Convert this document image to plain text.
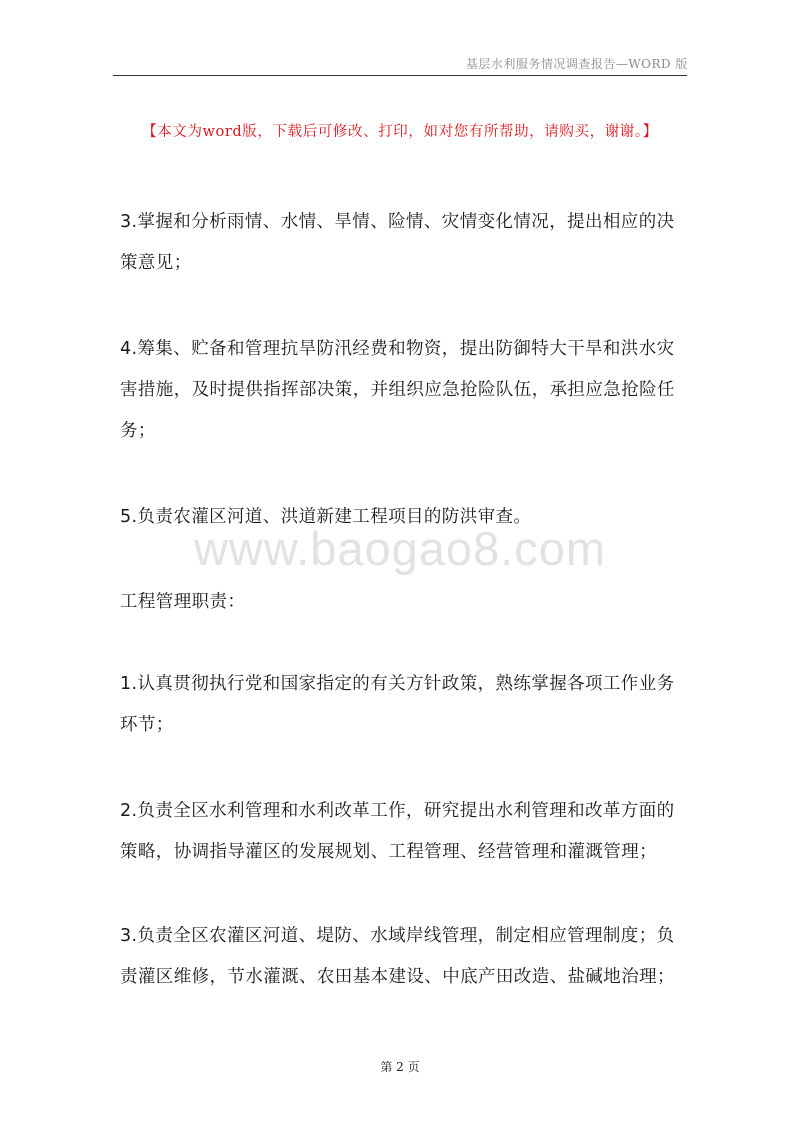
基层水利服务情况调查报告—WORD 版
【本文为word版，下载后可修改、打印，如对您有所帮助，请购买，谢谢。】
3.掌握和分析雨情、水情、旱情、险情、灾情变化情况，提出相应的决策意见；
4.筹集、贮备和管理抗旱防汛经费和物资，提出防御特大干旱和洪水灾害措施，及时提供指挥部决策，并组织应急抢险队伍，承担应急抢险任务；
5.负责农灌区河道、洪道新建工程项目的防洪审查。
www.baogao8.com
工程管理职责：
1.认真贯彻执行党和国家指定的有关方针政策，熟练掌握各项工作业务环节；
2.负责全区水利管理和水利改革工作，研究提出水利管理和改革方面的策略，协调指导灌区的发展规划、工程管理、经营管理和灌溉管理；
3.负责全区农灌区河道、堤防、水域岸线管理，制定相应管理制度；负责灌区维修，节水灌溉、农田基本建设、中底产田改造、盐碱地治理；
第 2 页
